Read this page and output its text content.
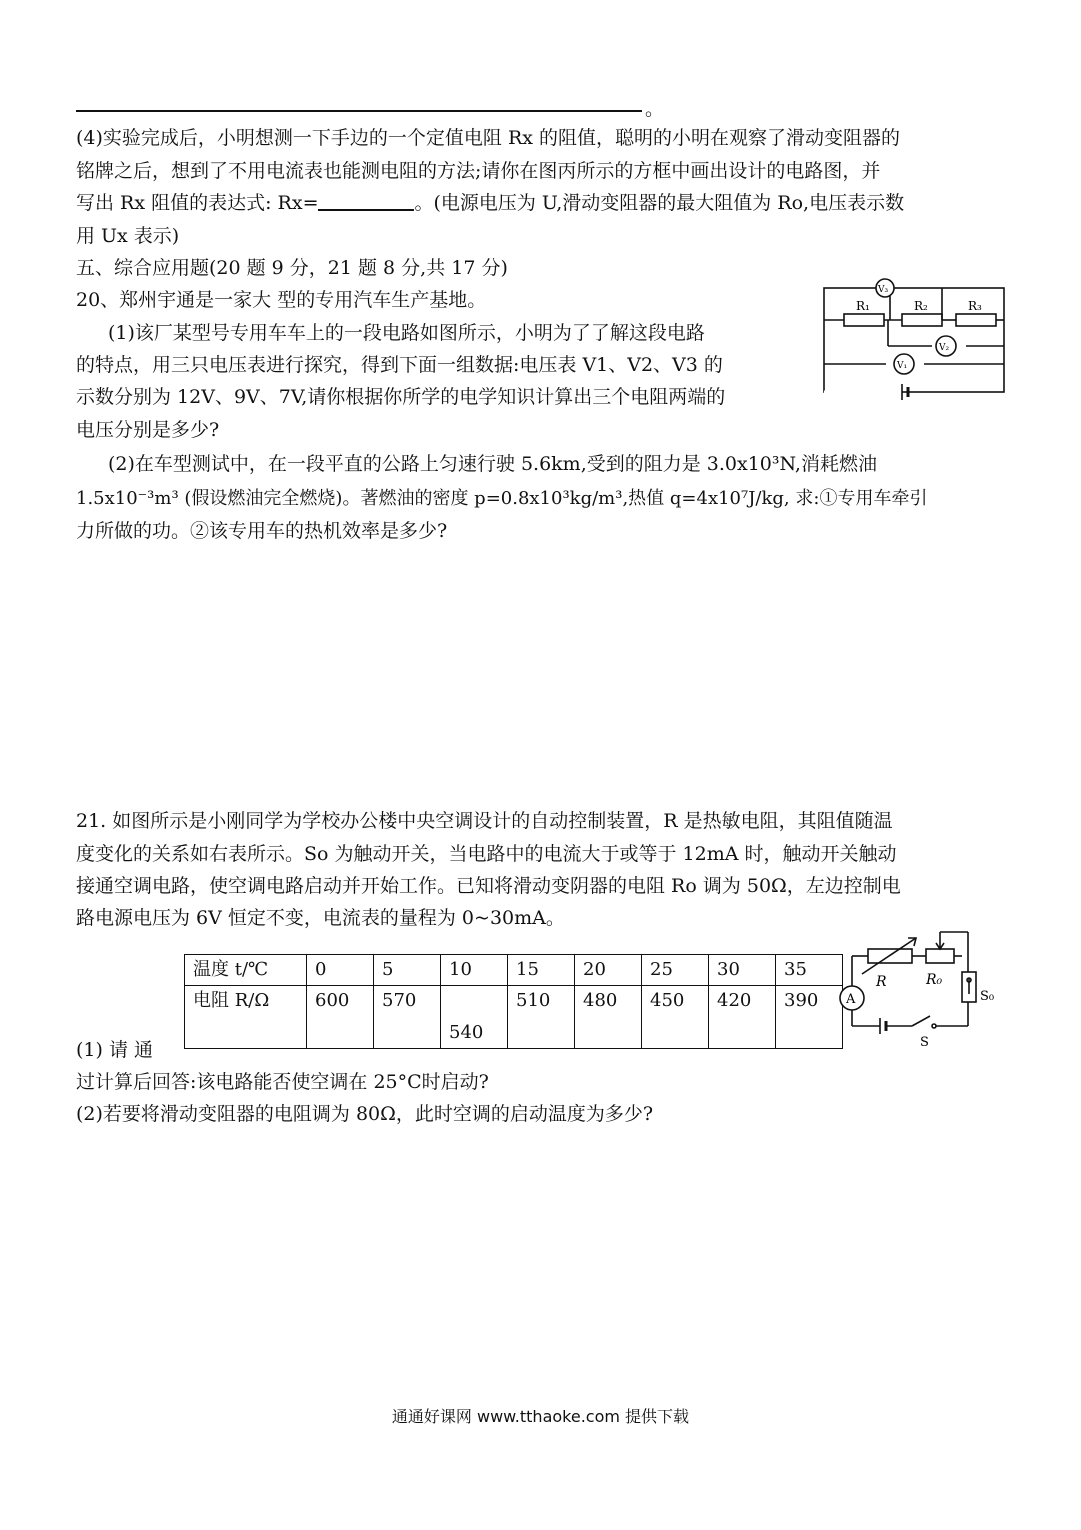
。
(4)实验完成后，小明想测一下手边的一个定值电阻 Rx 的阻值，聪明的小明在观察了滑动变阻器的
铭牌之后，想到了不用电流表也能测电阻的方法;请你在图丙所示的方框中画出设计的电路图，并
写出 Rx 阻值的表达式: Rx=	。(电源电压为 U,滑动变阻器的最大阻值为 Ro,电压表示数
用 Ux 表示)
五、综合应用题(20 题 9 分，21 题 8 分,共 17 分)
20、郑州宇通是一家大 型的专用汽车生产基地。
(1)该厂某型号专用车车上的一段电路如图所示，小明为了了解这段电路
的特点，用三只电压表进行探究，得到下面一组数据:电压表 V1、V2、V3 的
示数分别为 12V、9V、7V,请你根据你所学的电学知识计算出三个电阻两端的
电压分别是多少?
(2)在车型测试中，在一段平直的公路上匀速行驶 5.6km,受到的阻力是 3.0x10³N,消耗燃油
1.5x10⁻³m³ (假设燃油完全燃烧)。著燃油的密度 p=0.8x10³kg/m³,热值 q=4x10⁷J/kg, 求:①专用车牵引
力所做的功。②该专用车的热机效率是多少?
R₁	R₂	R₃
V₃
V₂
V₁
21. 如图所示是小刚同学为学校办公楼中央空调设计的自动控制装置，R 是热敏电阻，其阻值随温
度变化的关系如右表所示。So 为触动开关，当电路中的电流大于或等于 12mA 时，触动开关触动
接通空调电路，使空调电路启动并开始工作。已知将滑动变阴器的电阻 Ro 调为 50Ω，左边控制电
路电源电压为 6V 恒定不变，电流表的量程为 0~30mA。
温度 t/℃	0	5	10	15	20	25	30	35
电阻 R/Ω	600	570	540	510	480	450	420	390 A
R	R₀
S₀
S
(1) 请 通
过计算后回答:该电路能否使空调在 25°C时启动?
(2)若要将滑动变阻器的电阻调为 80Ω，此时空调的启动温度为多少?
通通好课网 www.tthaoke.com 提供下载
